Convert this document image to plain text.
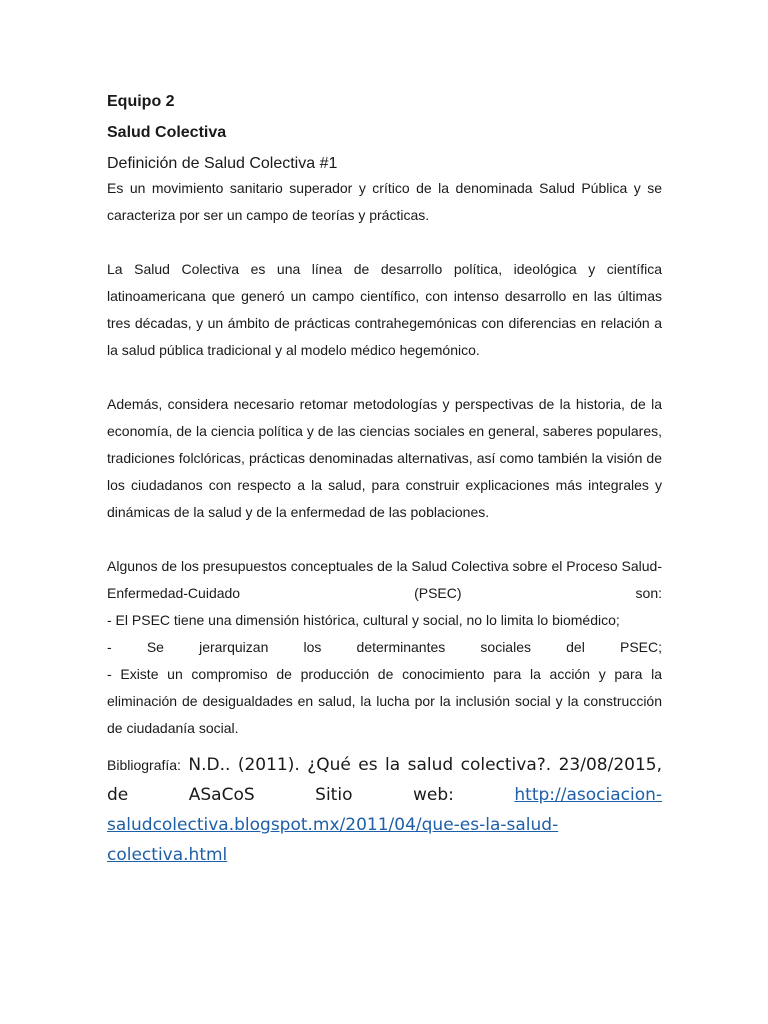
Equipo 2
Salud Colectiva
Definición de Salud Colectiva #1

Es un movimiento sanitario superador y crítico de la denominada Salud Pública y se caracteriza por ser un campo de teorías y prácticas.

La Salud Colectiva es una línea de desarrollo política, ideológica y científica latinoamericana que generó un campo científico, con intenso desarrollo en las últimas tres décadas, y un ámbito de prácticas contrahegemónicas con diferencias en relación a la salud pública tradicional y al modelo médico hegemónico.

Además, considera necesario retomar metodologías y perspectivas de la historia, de la economía, de la ciencia política y de las ciencias sociales en general, saberes populares, tradiciones folclóricas, prácticas denominadas alternativas, así como también la visión de los ciudadanos con respecto a la salud, para construir explicaciones más integrales y dinámicas de la salud y de la enfermedad de las poblaciones.

Algunos de los presupuestos conceptuales de la Salud Colectiva sobre el Proceso Salud-Enfermedad-Cuidado (PSEC) son:

- El PSEC tiene una dimensión histórica, cultural y social, no lo limita lo biomédico;

- Se jerarquizan los determinantes sociales del PSEC;

- Existe un compromiso de producción de conocimiento para la acción y para la eliminación de desigualdades en salud, la lucha por la inclusión social y la construcción de ciudadanía social.

Bibliografía: N.D.. (2011). ¿Qué es la salud colectiva?. 23/08/2015, de ASaCoS Sitio web:	http://asociacion-saludcolectiva.blogspot.mx/2011/04/que-es-la-salud-colectiva.html
